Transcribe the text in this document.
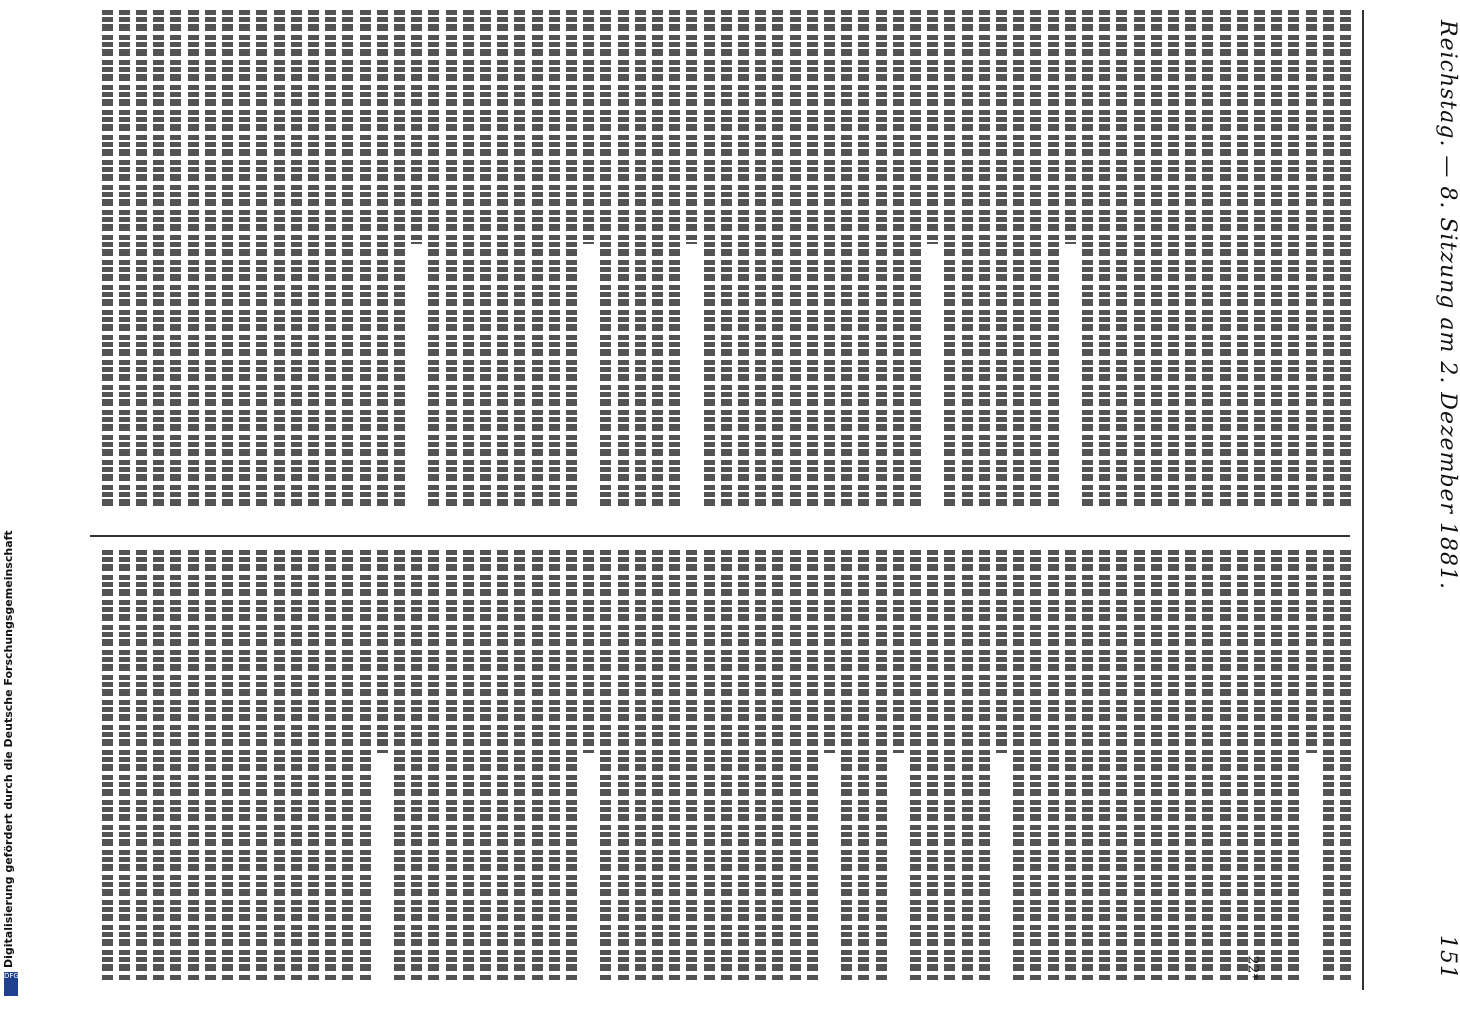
Reichstag. — 8. Sitzung am 2. Dezember 1881.
151
22*
Digitalisierung gefördert durch die Deutsche Forschungsgemeinschaft
DFG
